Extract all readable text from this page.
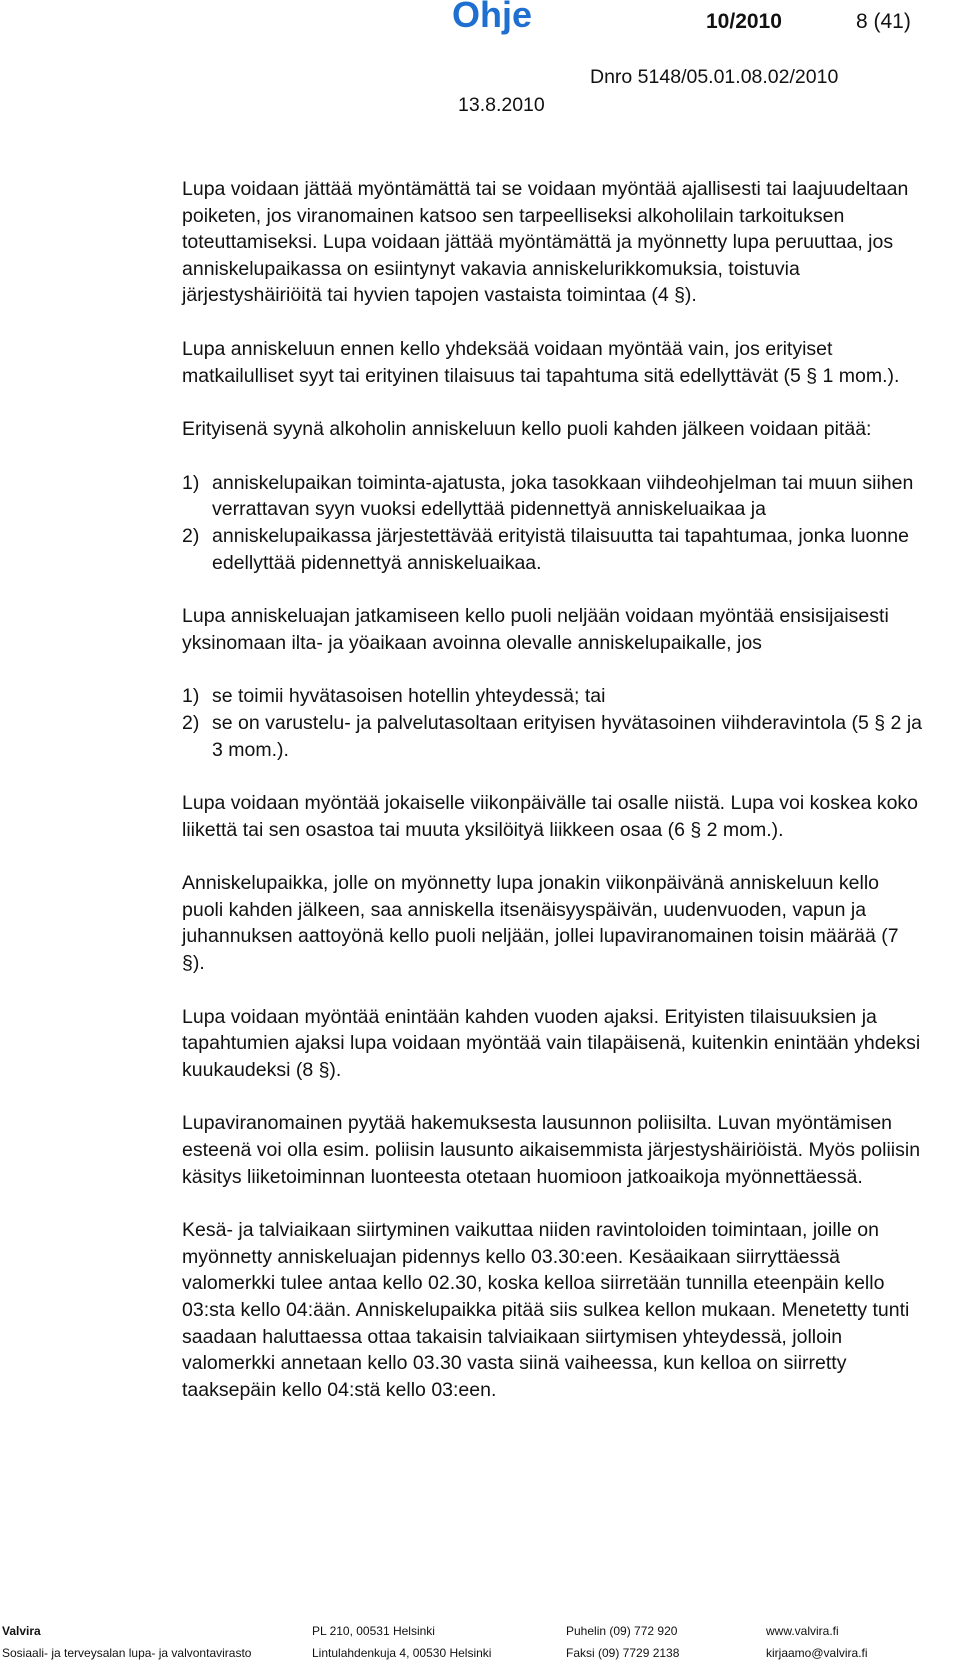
Ohje	10/2010	8 (41)
Dnro 5148/05.01.08.02/2010
13.8.2010

Lupa voidaan jättää myöntämättä tai se voidaan myöntää ajallisesti tai laajuudeltaan poiketen, jos viranomainen katsoo sen tarpeelliseksi alkoholilain tarkoituksen toteuttamiseksi. Lupa voidaan jättää myöntämättä ja myönnetty lupa peruuttaa, jos anniskelupaikassa on esiintynyt vakavia anniskelurikkomuksia, toistuvia järjestyshäiriöitä tai hyvien tapojen vastaista toimintaa (4 §).

Lupa anniskeluun ennen kello yhdeksää voidaan myöntää vain, jos erityiset matkailulliset syyt tai erityinen tilaisuus tai tapahtuma sitä edellyttävät (5 § 1 mom.).

Erityisenä syynä alkoholin anniskeluun kello puoli kahden jälkeen voidaan pitää:

1) anniskelupaikan toiminta-ajatusta, joka tasokkaan viihdeohjelman tai muun siihen verrattavan syyn vuoksi edellyttää pidennettyä anniskeluaikaa ja
2) anniskelupaikassa järjestettävää erityistä tilaisuutta tai tapahtumaa, jonka luonne edellyttää pidennettyä anniskeluaikaa.

Lupa anniskeluajan jatkamiseen kello puoli neljään voidaan myöntää ensisijaisesti yksinomaan ilta- ja yöaikaan avoinna olevalle anniskelupaikalle, jos

1) se toimii hyvätasoisen hotellin yhteydessä; tai
2) se on varustelu- ja palvelutasoltaan erityisen hyvätasoinen viihderavintola (5 § 2 ja 3 mom.).

Lupa voidaan myöntää jokaiselle viikonpäivälle tai osalle niistä. Lupa voi koskea koko liikettä tai sen osastoa tai muuta yksilöityä liikkeen osaa (6 § 2 mom.).

Anniskelupaikka, jolle on myönnetty lupa jonakin viikonpäivänä anniskeluun kello puoli kahden jälkeen, saa anniskella itsenäisyyspäivän, uudenvuoden, vapun ja juhannuksen aattoyönä kello puoli neljään, jollei lupaviranomainen toisin määrää (7 §).

Lupa voidaan myöntää enintään kahden vuoden ajaksi. Erityisten tilaisuuksien ja tapahtumien ajaksi lupa voidaan myöntää vain tilapäisenä, kuitenkin enintään yhdeksi kuukaudeksi (8 §).

Lupaviranomainen pyytää hakemuksesta lausunnon poliisilta. Luvan myöntämisen esteenä voi olla esim. poliisin lausunto aikaisemmista järjestyshäiriöistä. Myös poliisin käsitys liiketoiminnan luonteesta otetaan huomioon jatkoaikoja myönnettäessä.

Kesä- ja talviaikaan siirtyminen vaikuttaa niiden ravintoloiden toimintaan, joille on myönnetty anniskeluajan pidennys kello 03.30:een. Kesäaikaan siirryttäessä valomerkki tulee antaa kello 02.30, koska kelloa siirretään tunnilla eteenpäin kello 03:sta kello 04:ään. Anniskelupaikka pitää siis sulkea kellon mukaan. Menetetty tunti saadaan haluttaessa ottaa takaisin talviaikaan siirtymisen yhteydessä, jolloin valomerkki annetaan kello 03.30 vasta siinä vaiheessa, kun kelloa on siirretty taaksepäin kello 04:stä kello 03:een.

Valvira
Sosiaali- ja terveysalan lupa- ja valvontavirasto
PL 210, 00531 Helsinki
Lintulahdenkuja 4, 00530 Helsinki
Puhelin (09) 772 920
Faksi (09) 7729 2138
www.valvira.fi
kirjaamo@valvira.fi
